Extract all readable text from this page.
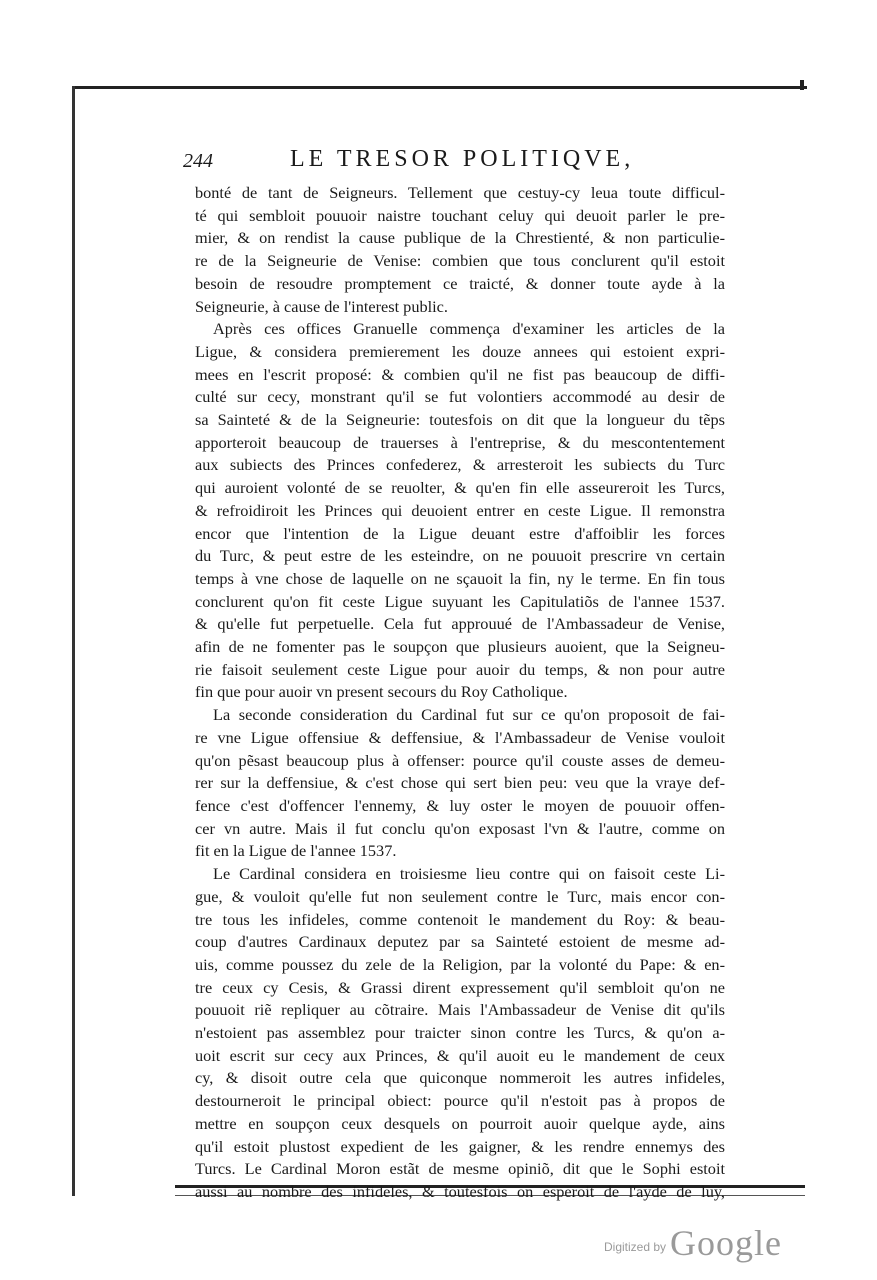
244	LE TRESOR POLITIQVE,
bonté de tant de Seigneurs. Tellement que cestuy-cy leua toute difficul-
té qui sembloit pouuoir naistre touchant celuy qui deuoit parler le pre-
mier, & on rendist la cause publique de la Chrestienté, & non particulie-
re de la Seigneurie de Venise: combien que tous conclurent qu'il estoit
besoin de resoudre promptement ce traicté, & donner toute ayde à la
Seigneurie, à cause de l'interest public.
Après ces offices Granuelle commença d'examiner les articles de la
Ligue, & considera premierement les douze annees qui estoient expri-
mees en l'escrit proposé: & combien qu'il ne fist pas beaucoup de diffi-
culté sur cecy, monstrant qu'il se fut volontiers accommodé au desir de
sa Sainteté & de la Seigneurie: toutesfois on dit que la longueur du tẽps
apporteroit beaucoup de trauerses à l'entreprise, & du mescontentement
aux subiects des Princes confederez, & arresteroit les subiects du Turc
qui auroient volonté de se reuolter, & qu'en fin elle asseureroit les Turcs,
& refroidiroit les Princes qui deuoient entrer en ceste Ligue. Il remonstra
encor que l'intention de la Ligue deuant estre d'affoiblir les forces
du Turc, & peut estre de les esteindre, on ne pouuoit prescrire vn certain
temps à vne chose de laquelle on ne sçauoit la fin, ny le terme. En fin tous
conclurent qu'on fit ceste Ligue suyuant les Capitulatiõs de l'annee 1537.
& qu'elle fut perpetuelle. Cela fut approuué de l'Ambassadeur de Venise,
afin de ne fomenter pas le soupçon que plusieurs auoient, que la Seigneu-
rie faisoit seulement ceste Ligue pour auoir du temps, & non pour autre
fin que pour auoir vn present secours du Roy Catholique.
La seconde consideration du Cardinal fut sur ce qu'on proposoit de fai-
re vne Ligue offensiue & deffensiue, & l'Ambassadeur de Venise vouloit
qu'on pẽsast beaucoup plus à offenser: pource qu'il couste asses de demeu-
rer sur la deffensiue, & c'est chose qui sert bien peu: veu que la vraye def-
fence c'est d'offencer l'ennemy, & luy oster le moyen de pouuoir offen-
cer vn autre. Mais il fut conclu qu'on exposast l'vn & l'autre, comme on
fit en la Ligue de l'annee 1537.
Le Cardinal considera en troisiesme lieu contre qui on faisoit ceste Li-
gue, & vouloit qu'elle fut non seulement contre le Turc, mais encor con-
tre tous les infideles, comme contenoit le mandement du Roy: & beau-
coup d'autres Cardinaux deputez par sa Sainteté estoient de mesme ad-
uis, comme poussez du zele de la Religion, par la volonté du Pape: & en-
tre ceux cy Cesis, & Grassi dirent expressement qu'il sembloit qu'on ne
pouuoit riẽ repliquer au cõtraire. Mais l'Ambassadeur de Venise dit qu'ils
n'estoient pas assemblez pour traicter sinon contre les Turcs, & qu'on a-
uoit escrit sur cecy aux Princes, & qu'il auoit eu le mandement de ceux
cy, & disoit outre cela que quiconque nommeroit les autres infideles,
destourneroit le principal obiect: pource qu'il n'estoit pas à propos de
mettre en soupçon ceux desquels on pourroit auoir quelque ayde, ains
qu'il estoit plustost expedient de les gaigner, & les rendre ennemys des
Turcs. Le Cardinal Moron estãt de mesme opiniõ, dit que le Sophi estoit
aussi au nombre des infideles, & toutesfois on esperoit de l'ayde de luy,
$^{Digitized by}$ Google
